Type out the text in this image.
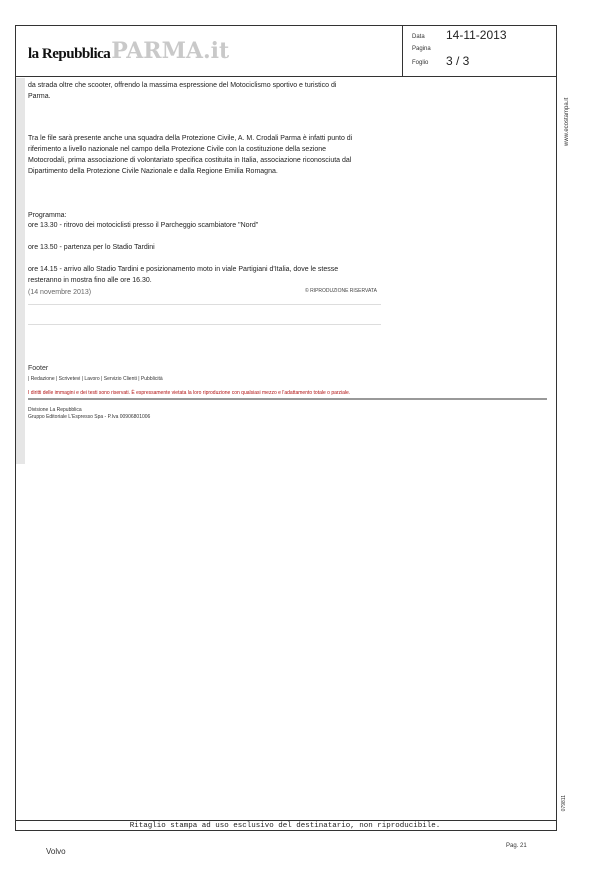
la RepubblicaPARMA.it
Data 14-11-2013
Pagina
Foglio 3 / 3
www.ecostampa.it
079811
da strada oltre che scooter, offrendo la massima espressione del Motociclismo sportivo e turistico di
Parma.
Tra le file sarà presente anche una squadra della Protezione Civile, A. M. Crodali Parma è infatti punto di
riferimento a livello nazionale nel campo della Protezione Civile con la costituzione della sezione
Motocrodali, prima associazione di volontariato specifica costituita in Italia, associazione riconosciuta dal
Dipartimento della Protezione Civile Nazionale e dalla Regione Emilia Romagna.
Programma:
ore 13.30 - ritrovo dei motociclisti presso il Parcheggio scambiatore "Nord"
ore 13.50 - partenza per lo Stadio Tardini
ore 14.15 - arrivo allo Stadio Tardini e posizionamento moto in viale Partigiani d'Italia, dove le stesse
resteranno in mostra fino alle ore 16.30.
(14 novembre 2013)	© RIPRODUZIONE RISERVATA
Footer
| Redazione | Scrivetevi | Lavoro | Servizio Clienti | Pubblicità
I diritti delle immagini e dei testi sono riservati. È espressamente vietata la loro riproduzione con qualsiasi mezzo e l'adattamento totale o parziale.
Divisione La Repubblica
Gruppo Editoriale L'Espresso Spa - P.Iva 00906801006
Ritaglio stampa ad uso esclusivo del destinatario, non riproducibile.
Volvo
Pag. 21
